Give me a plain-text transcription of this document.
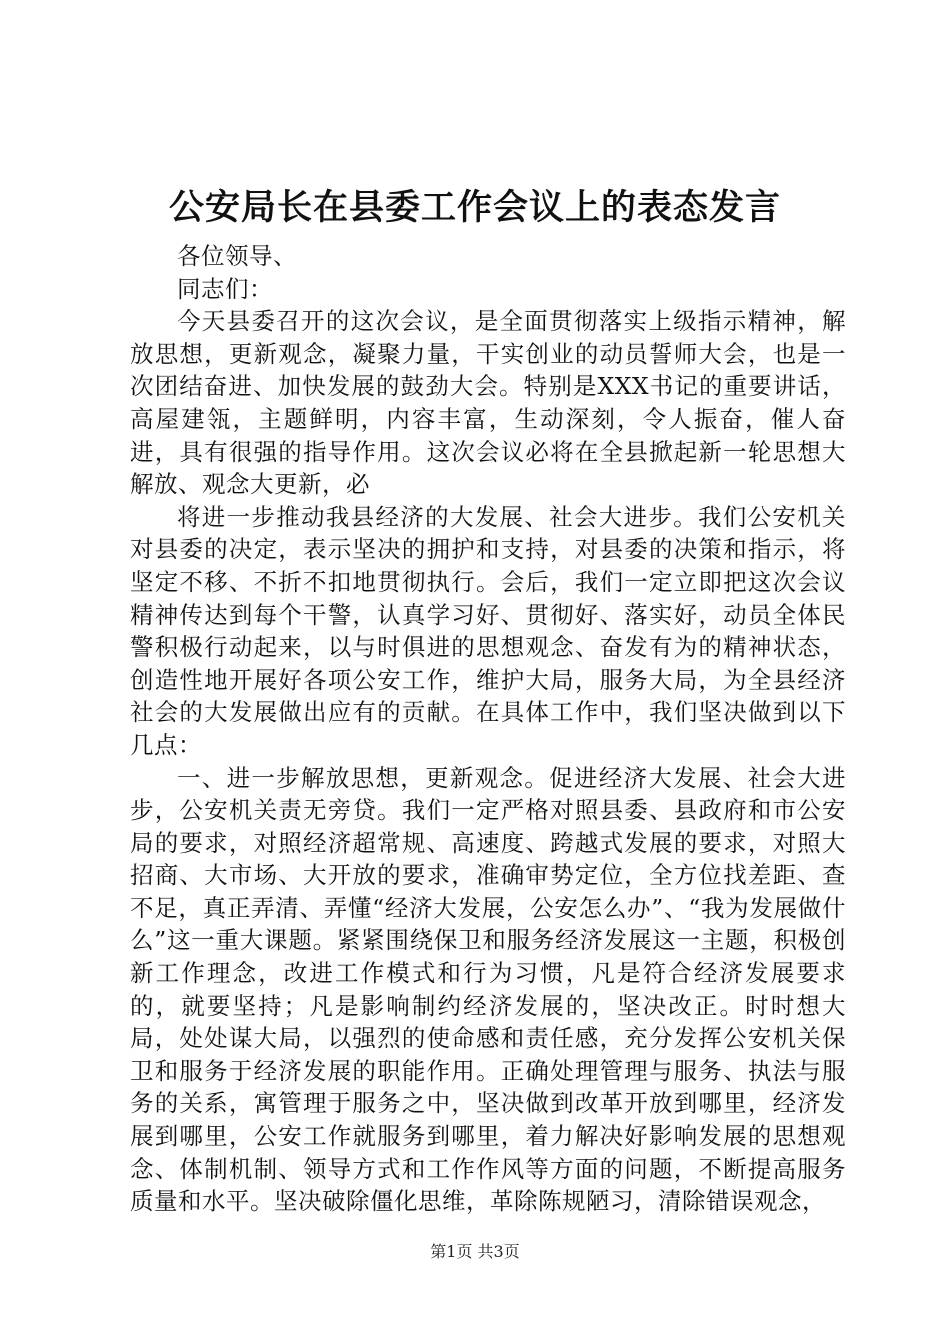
公安局长在县委工作会议上的表态发言

各位领导、

同志们：

今天县委召开的这次会议，是全面贯彻落实上级指示精神，解放思想，更新观念，凝聚力量，干实创业的动员誓师大会，也是一次团结奋进、加快发展的鼓劲大会。特别是XXX书记的重要讲话，高屋建瓴，主题鲜明，内容丰富，生动深刻，令人振奋，催人奋进，具有很强的指导作用。这次会议必将在全县掀起新一轮思想大解放、观念大更新，必

将进一步推动我县经济的大发展、社会大进步。我们公安机关对县委的决定，表示坚决的拥护和支持，对县委的决策和指示，将坚定不移、不折不扣地贯彻执行。会后，我们一定立即把这次会议精神传达到每个干警，认真学习好、贯彻好、落实好，动员全体民警积极行动起来，以与时俱进的思想观念、奋发有为的精神状态，创造性地开展好各项公安工作，维护大局，服务大局，为全县经济社会的大发展做出应有的贡献。在具体工作中，我们坚决做到以下几点：

一、进一步解放思想，更新观念。促进经济大发展、社会大进步，公安机关责无旁贷。我们一定严格对照县委、县政府和市公安局的要求，对照经济超常规、高速度、跨越式发展的要求，对照大招商、大市场、大开放的要求，准确审势定位，全方位找差距、查不足，真正弄清、弄懂“经济大发展，公安怎么办”、“我为发展做什么”这一重大课题。紧紧围绕保卫和服务经济发展这一主题，积极创新工作理念，改进工作模式和行为习惯，凡是符合经济发展要求的，就要坚持；凡是影响制约经济发展的，坚决改正。时时想大局，处处谋大局，以强烈的使命感和责任感，充分发挥公安机关保卫和服务于经济发展的职能作用。正确处理管理与服务、执法与服务的关系，寓管理于服务之中，坚决做到改革开放到哪里，经济发展到哪里，公安工作就服务到哪里，着力解决好影响发展的思想观念、体制机制、领导方式和工作作风等方面的问题，不断提高服务质量和水平。坚决破除僵化思维，革除陈规陋习，清除错误观念，

第1页 共3页
